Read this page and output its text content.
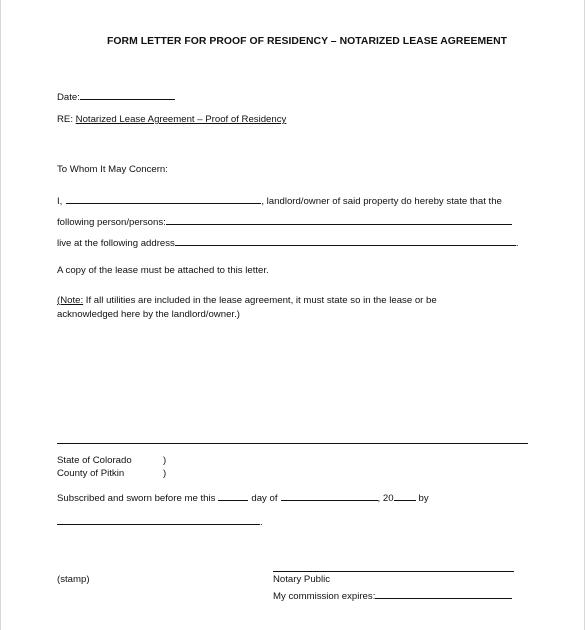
FORM LETTER FOR PROOF OF RESIDENCY – NOTARIZED LEASE AGREEMENT
Date:
RE: Notarized Lease Agreement – Proof of Residency
To Whom It May Concern:
I,	, landlord/owner of said property do hereby state that the
following person/persons:
live at the following address	.
A copy of the lease must be attached to this letter.
(Note: If all utilities are included in the lease agreement, it must state so in the lease or be
acknowledged here by the landlord/owner.)
State of Colorado	)
County of Pitkin	)
Subscribed and sworn before me this	day of	, 20	by
.
(stamp)	Notary Public
My commission expires:
